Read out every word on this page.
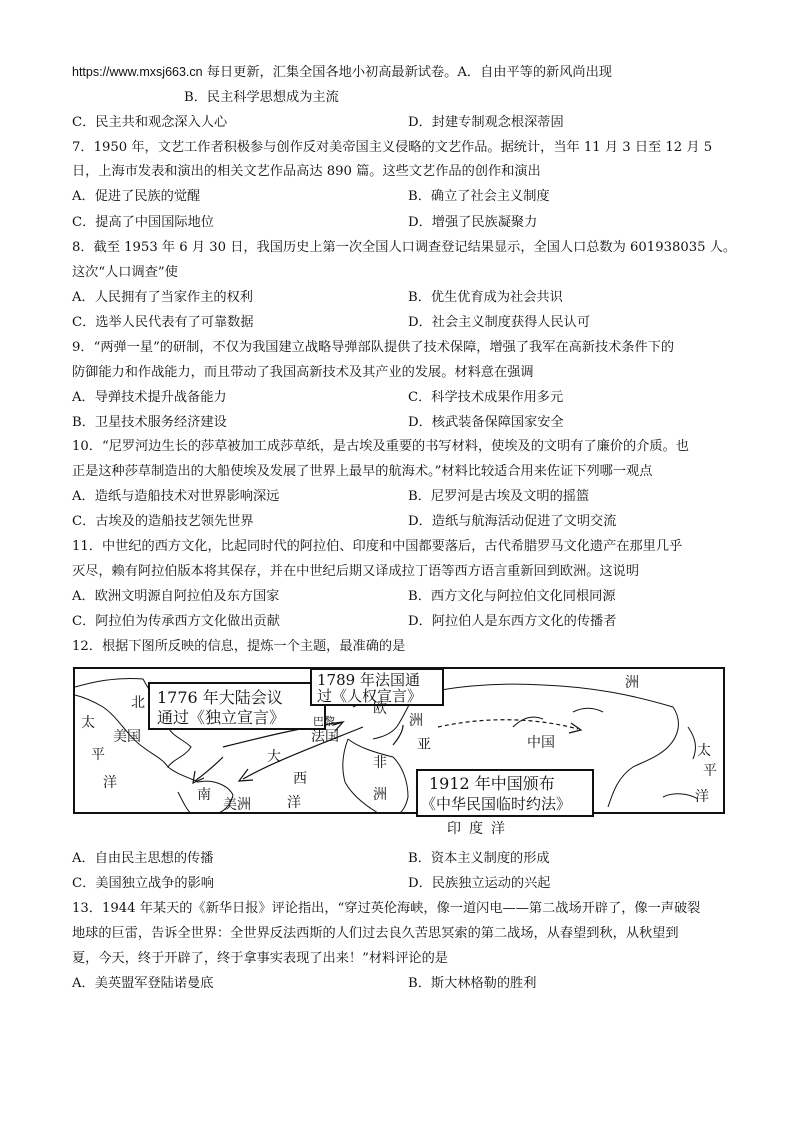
https://www.mxsj663.cn 每日更新，汇集全国各地小初高最新试卷。A．自由平等的新风尚出现
B．民主科学思想成为主流
C．民主共和观念深入人心	D．封建专制观念根深蒂固
7．1950 年，文艺工作者积极参与创作反对美帝国主义侵略的文艺作品。据统计，当年 11 月 3 日至 12 月 5
日，上海市发表和演出的相关文艺作品高达 890 篇。这些文艺作品的创作和演出
A．促进了民族的觉醒	B．确立了社会主义制度
C．提高了中国国际地位	D．增强了民族凝聚力
8．截至 1953 年 6 月 30 日，我国历史上第一次全国人口调查登记结果显示，全国人口总数为 601938035 人。
这次“人口调查”使
A．人民拥有了当家作主的权利	B．优生优育成为社会共识
C．选举人民代表有了可靠数据	D．社会主义制度获得人民认可
9．“两弹一星”的研制，不仅为我国建立战略导弹部队提供了技术保障，增强了我军在高新技术条件下的
防御能力和作战能力，而且带动了我国高新技术及其产业的发展。材料意在强调
A．导弹技术提升战备能力	C．科学技术成果作用多元
B．卫星技术服务经济建设	D．核武装备保障国家安全
10．“尼罗河边生长的莎草被加工成莎草纸，是古埃及重要的书写材料，使埃及的文明有了廉价的介质。也
正是这种莎草制造出的大船使埃及发展了世界上最早的航海术。”材料比较适合用来佐证下列哪一观点
A．造纸与造船技术对世界影响深远	B．尼罗河是古埃及文明的摇篮
C．古埃及的造船技艺领先世界	D．造纸与航海活动促进了文明交流
11．中世纪的西方文化，比起同时代的阿拉伯、印度和中国都要落后，古代希腊罗马文化遗产在那里几乎
灭尽，赖有阿拉伯版本将其保存，并在中世纪后期又译成拉丁语等西方语言重新回到欧洲。这说明
A．欧洲文明源自阿拉伯及东方国家	B．西方文化与阿拉伯文化同根同源
C．阿拉伯为传承西方文化做出贡献	D．阿拉伯人是东西方文化的传播者
12．根据下图所反映的信息，提炼一个主题，最准确的是
1776 年大陆会议
通过《独立宣言》
1789 年法国通
过《人权宣言》
1912 年中国颁布
《中华民国临时约法》
北
美国
太
平
洋
南
美洲
大
西
洋
非
洲
法国
欧
洲
亚	中国	太
平
洋
印 度 洋
巴黎
洲
A．自由民主思想的传播	B．资本主义制度的形成
C．美国独立战争的影响	D．民族独立运动的兴起
13．1944 年某天的《新华日报》评论指出，“穿过英伦海峡，像一道闪电——第二战场开辟了，像一声破裂
地球的巨雷，告诉全世界：全世界反法西斯的人们过去良久苦思冥索的第二战场，从春望到秋，从秋望到
夏，今天，终于开辟了，终于拿事实表现了出来！”材料评论的是
A．美英盟军登陆诺曼底	B．斯大林格勒的胜利
